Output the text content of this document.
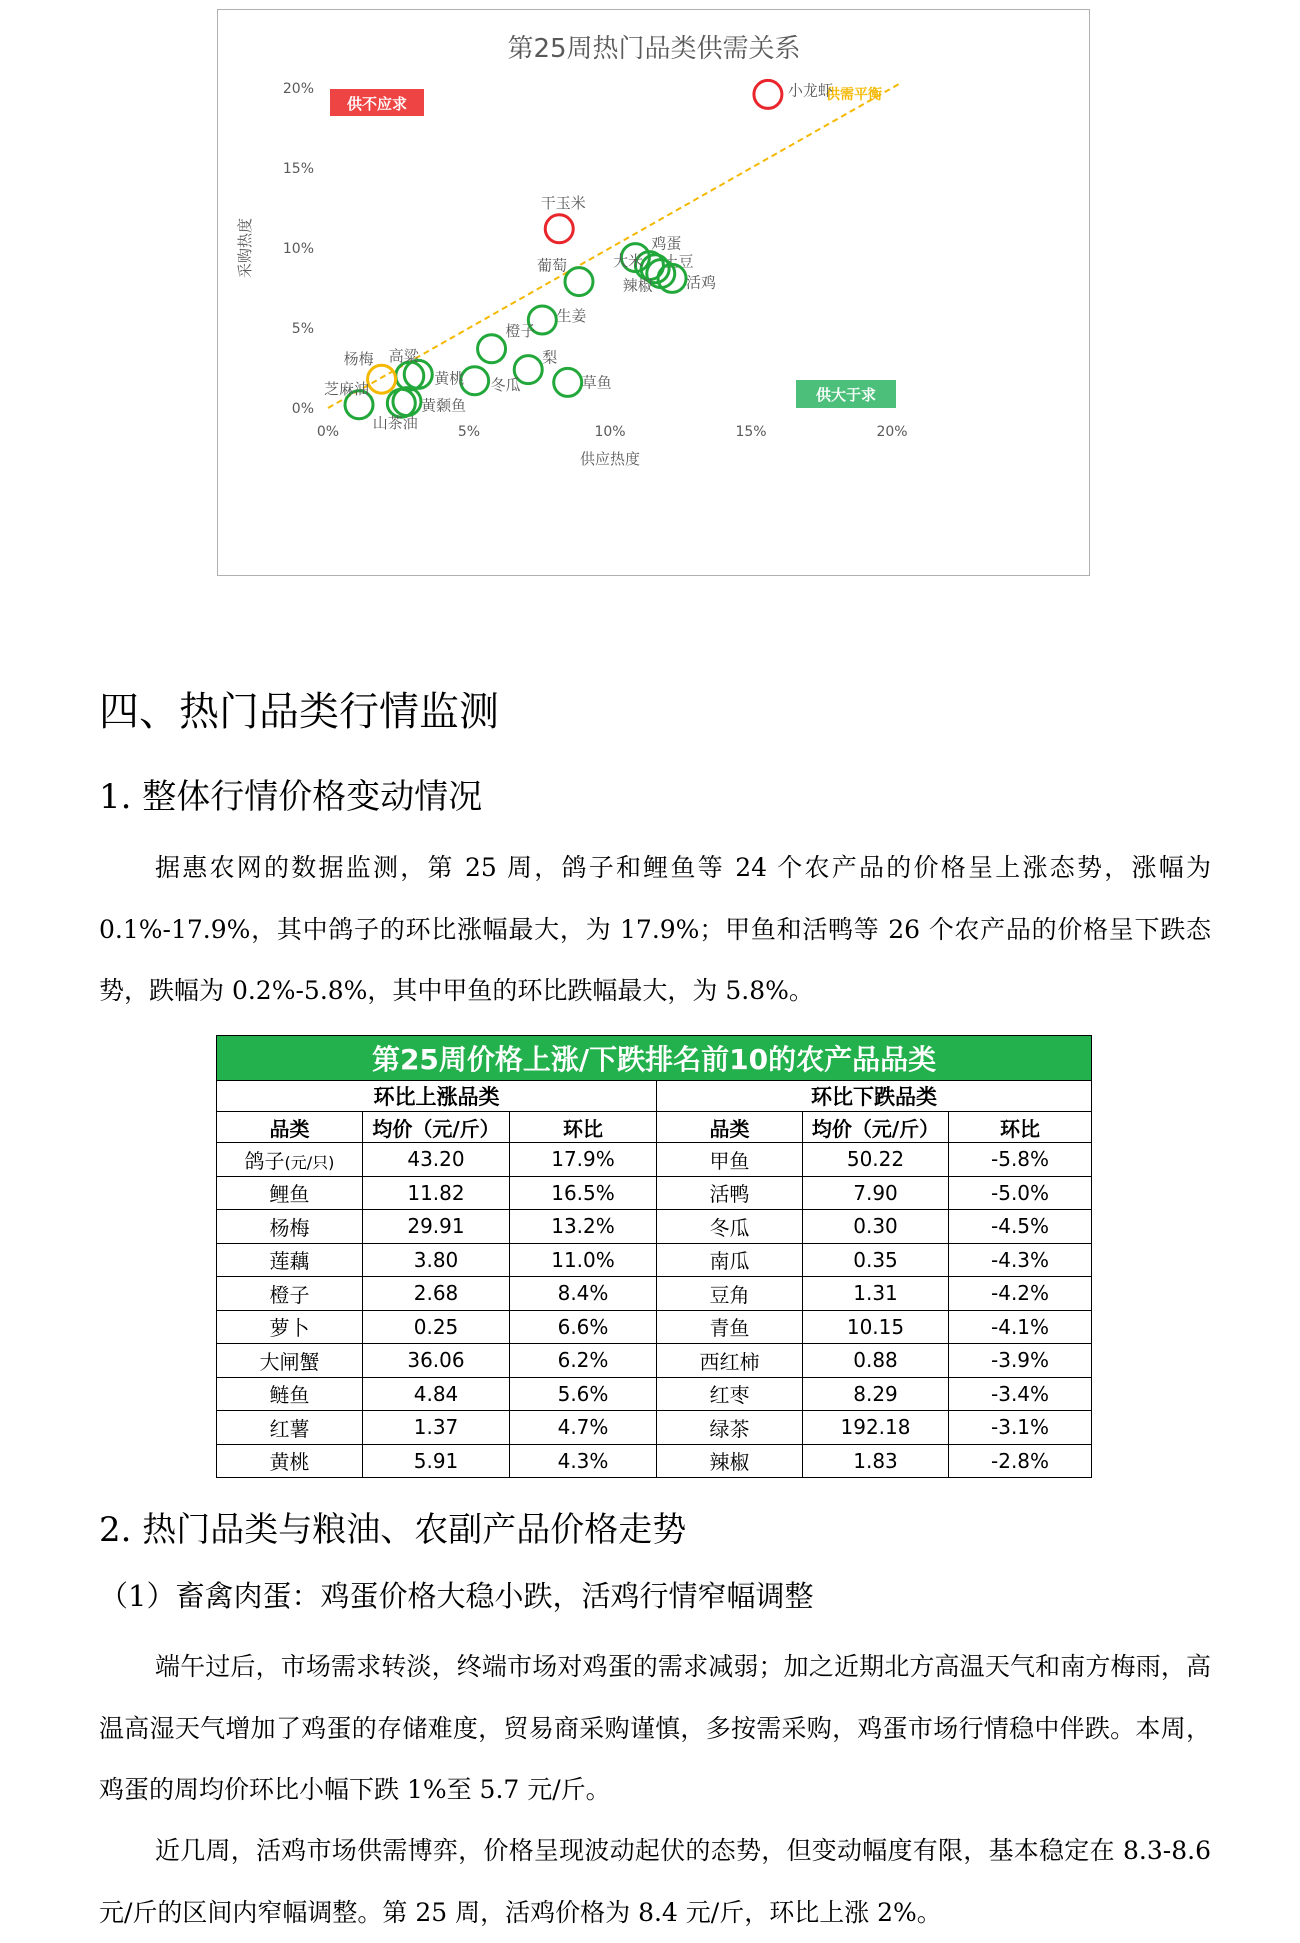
第25周热门品类供需关系
供不应求
供大于求
供需平衡
0%	5%	10%	15%	20%
0%
5%
10%
15%
20%
供应热度
采购热度
小龙虾
干玉米
鸡蛋
土豆
大米
辣椒 活鸡
葡萄
生姜
橙子
梨
草鱼
冬瓜
黄桃
高粱
杨梅
芝麻油
山茶油
黄颡鱼
四、热门品类行情监测
1. 整体行情价格变动情况

据惠农网的数据监测，第 25 周，鸽子和鲤鱼等 24 个农产品的价格呈上涨态势，涨幅为 0.1%-17.9%，其中鸽子的环比涨幅最大，为 17.9%；甲鱼和活鸭等 26 个农产品的价格呈下跌态势，跌幅为 0.2%-5.8%，其中甲鱼的环比跌幅最大，为 5.8%。

第25周价格上涨/下跌排名前10的农产品品类					
环比上涨品类			环比下跌品类		
品类	均价（元/斤）	环比	品类	均价（元/斤）	环比
鸽子(元/只)	43.20	17.9%	甲鱼	50.22	-5.8%
鲤鱼	11.82	16.5%	活鸭	7.90	-5.0%
杨梅	29.91	13.2%	冬瓜	0.30	-4.5%
莲藕	3.80	11.0%	南瓜	0.35	-4.3%
橙子	2.68	8.4%	豆角	1.31	-4.2%
萝卜	0.25	6.6%	青鱼	10.15	-4.1%
大闸蟹	36.06	6.2%	西红柿	0.88	-3.9%
鲢鱼	4.84	5.6%	红枣	8.29	-3.4%
红薯	1.37	4.7%	绿茶	192.18	-3.1%
黄桃	5.91	4.3%	辣椒	1.83	-2.8%
2. 热门品类与粮油、农副产品价格走势
（1）畜禽肉蛋：鸡蛋价格大稳小跌，活鸡行情窄幅调整

端午过后，市场需求转淡，终端市场对鸡蛋的需求减弱；加之近期北方高温天气和南方梅雨，高温高湿天气增加了鸡蛋的存储难度，贸易商采购谨慎，多按需采购，鸡蛋市场行情稳中伴跌。本周，鸡蛋的周均价环比小幅下跌 1%至 5.7 元/斤。

近几周，活鸡市场供需博弈，价格呈现波动起伏的态势，但变动幅度有限，基本稳定在 8.3-8.6 元/斤的区间内窄幅调整。第 25 周，活鸡价格为 8.4 元/斤，环比上涨 2%。
